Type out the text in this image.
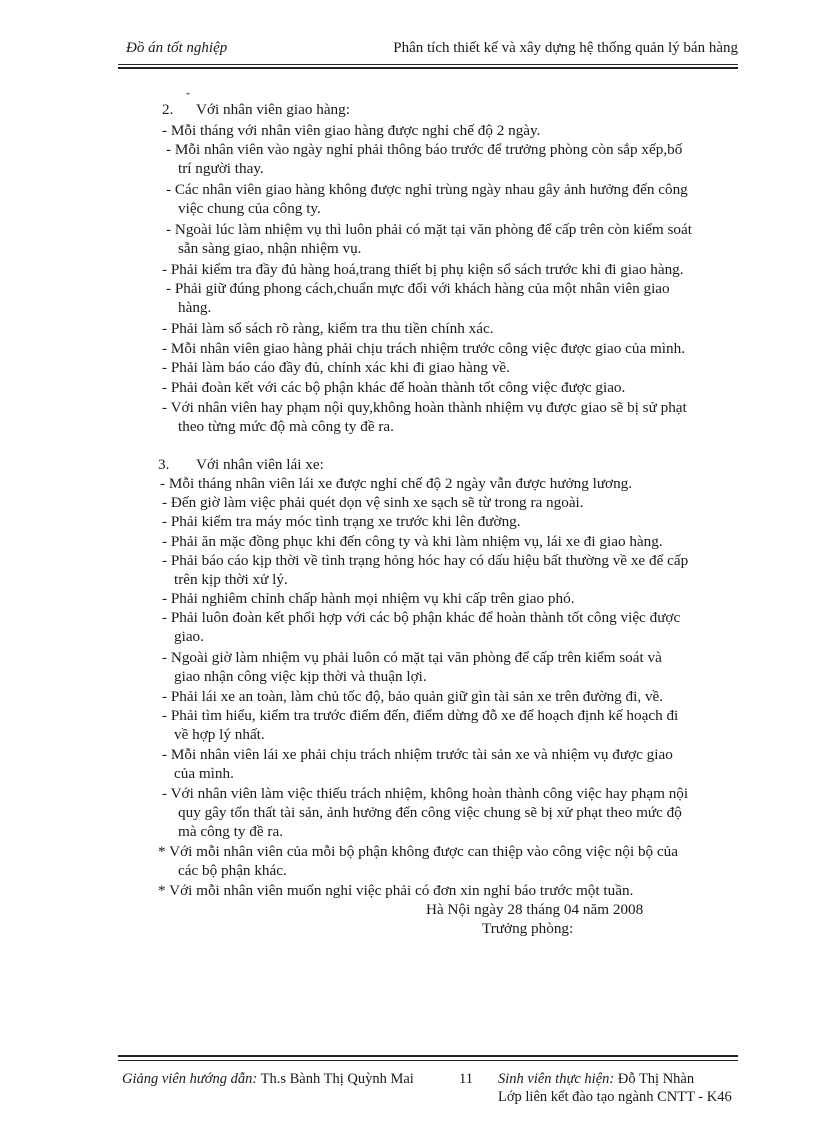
Đồ án tốt nghiệp	Phân tích thiết kế và xây dựng hệ thống quản lý bán hàng
ˇ
2. Với nhân viên giao hàng:
- Mỗi tháng với nhân viên giao hàng được nghỉ chế độ 2 ngày.
- Mỗi nhân viên vào ngày nghỉ phải thông báo trước để trưởng phòng còn sắp xếp,bố
trí người thay.
- Các nhân viên giao hàng không được nghỉ trùng ngày nhau gây ảnh hưởng đến công
việc chung của công ty.
- Ngoài lúc làm nhiệm vụ thì luôn phải có mặt tại văn phòng để cấp trên còn kiểm soát
sẵn sàng giao, nhận nhiệm vụ.
- Phải kiểm tra đầy đủ hàng hoá,trang thiết bị phụ kiện sổ sách trước khi đi giao hàng.
- Phải giữ đúng phong cách,chuẩn mực đối với khách hàng của một nhân viên giao
hàng.
- Phải làm sổ sách rõ ràng, kiểm tra thu tiền chính xác.
- Mỗi nhân viên giao hàng phải chịu trách nhiệm trước công việc được giao của mình.
- Phải làm báo cáo đầy đủ, chính xác khi đi giao hàng về.
- Phải đoàn kết với các bộ phận khác để hoàn thành tốt công việc được giao.
- Với nhân viên hay phạm nội quy,không hoàn thành nhiệm vụ được giao sẽ bị sử phạt
theo từng mức độ mà công ty đề ra.
3. Với nhân viên lái xe:
- Mỗi tháng nhân viên lái xe được nghỉ chế độ 2 ngày vẫn được hưởng lương.
- Đến giờ làm việc phải quét dọn vệ sinh xe sạch sẽ từ trong ra ngoài.
- Phải kiểm tra máy móc tình trạng xe trước khi lên đường.
- Phải ăn mặc đồng phục khi đến công ty và khi làm nhiệm vụ, lái xe đi giao hàng.
- Phải báo cáo kịp thời về tình trạng hỏng hóc hay có dấu hiệu bất thường về xe để cấp
trên kịp thời xử lý.
- Phải nghiêm chỉnh chấp hành mọi nhiệm vụ khi cấp trên giao phó.
- Phải luôn đoàn kết phối hợp với các bộ phận khác để hoàn thành tốt công việc được
giao.
- Ngoài giờ làm nhiệm vụ phải luôn có mặt tại văn phòng để cấp trên kiểm soát và
giao nhận công việc kịp thời và thuận lợi.
- Phải lái xe an toàn, làm chủ tốc độ, bảo quản giữ gìn tài sản xe trên đường đi, về.
- Phải tìm hiểu, kiểm tra trước điểm đến, điểm dừng đỗ xe để hoạch định kế hoạch đi
về hợp lý nhất.
- Mỗi nhân viên lái xe phải chịu trách nhiệm trước tài sản xe và nhiệm vụ được giao
của mình.
- Với nhân viên làm việc thiếu trách nhiệm, không hoàn thành công việc hay phạm nội
quy gây tổn thất tài sản, ảnh hưởng đến công việc chung sẽ bị xử phạt theo mức độ
mà công ty đề ra.
* Với mỗi nhân viên của mỗi bộ phận không được can thiệp vào công việc nội bộ của
các bộ phận khác.
* Với mỗi nhân viên muốn nghỉ việc phải có đơn xin nghỉ báo trước một tuần.
Hà Nội ngày 28 tháng 04 năm 2008
Trưởng phòng:
Giảng viên hướng dẫn: Th.s Bành Thị Quỳnh Mai	11 Sinh viên thực hiện: Đỗ Thị Nhàn
Lớp liên kết đào tạo ngành CNTT - K46
